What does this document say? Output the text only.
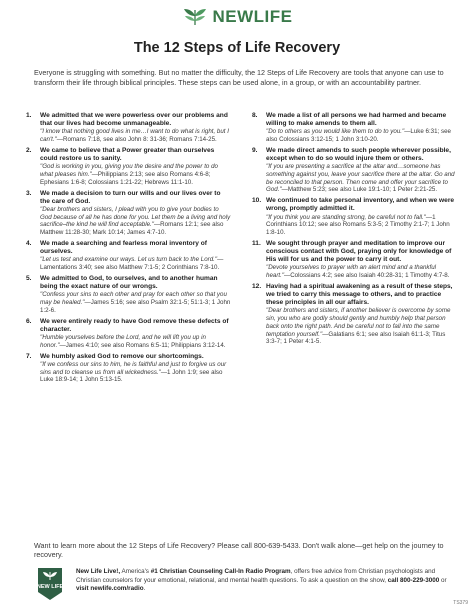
NEWLIFE
The 12 Steps of Life Recovery

Everyone is struggling with something. But no matter the difficulty, the 12 Steps of Life Recovery are tools that anyone can use to transform their life through biblical principles. These steps can be used alone, in a group, or with an accountability partner.

1.	We admitted that we were powerless over our problems and that our lives had become unmanageable.
"I know that nothing good lives in me…I want to do what is right, but I can't."—Romans 7:18, see also John 8: 31-36; Romans 7:14-25.
2.	We came to believe that a Power greater than ourselves could restore us to sanity.
"God is working in you, giving you the desire and the power to do what pleases him."—Philippians 2:13; see also Romans 4:6-8; Ephesians 1:6-8; Colossians 1:21-22; Hebrews 11:1-10.
3.	We made a decision to turn our wills and our lives over to the care of God.
"Dear brothers and sisters, I plead with you to give your bodies to God because of all he has done for you. Let them be a living and holy sacrifice–the kind he will find acceptable."—Romans 12:1; see also Matthew 11:28-30; Mark 10:14; James 4:7-10.
4.	We made a searching and fearless moral inventory of ourselves.
"Let us test and examine our ways. Let us turn back to the Lord."—Lamentations 3:40; see also Matthew 7:1-5; 2 Corinthians 7:8-10.
5.	We admitted to God, to ourselves, and to another human being the exact nature of our wrongs.
"Confess your sins to each other and pray for each other so that you may be healed."—James 5:16; see also Psalm 32:1-5; 51:1-3; 1 John 1:2-6.
6.	We were entirely ready to have God remove these defects of character.
"Humble yourselves before the Lord, and he will lift you up in honor."—James 4:10; see also Romans 6:5-11; Philippians 3:12-14.
7.	We humbly asked God to remove our shortcomings.
"If we confess our sins to him, he is faithful and just to forgive us our sins and to cleanse us from all wickedness."—1 John 1:9; see also Luke 18:9-14; 1 John 5:13-15.
8.	We made a list of all persons we had harmed and became willing to make amends to them all.
"Do to others as you would like them to do to you."—Luke 6:31; see also Colossians 3:12-15; 1 John 3:10-20.
9.	We made direct amends to such people wherever possible, except when to do so would injure them or others.
"If you are presenting a sacrifice at the altar and…someone has something against you, leave your sacrifice there at the altar. Go and be reconciled to that person. Then come and offer your sacrifice to God."—Matthew 5:23; see also Luke 19:1-10; 1 Peter 2:21-25.
10. We continued to take personal inventory, and when we were wrong, promptly admitted it.
"If you think you are standing strong, be careful not to fall."—1 Corinthians 10:12; see also Romans 5:3-5; 2 Timothy 2:1-7; 1 John 1:8-10.
11. We sought through prayer and meditation to improve our conscious contact with God, praying only for knowledge of His will for us and the power to carry it out.
"Devote yourselves to prayer with an alert mind and a thankful heart."—Colossians 4:2; see also Isaiah 40:28-31; 1 Timothy 4:7-8.
12. Having had a spiritual awakening as a result of these steps, we tried to carry this message to others, and to practice these principles in all our affairs.
"Dear brothers and sisters, if another believer is overcome by some sin, you who are godly should gently and humbly help that person back onto the right path. And be careful not to fall into the same temptation yourself."—Galatians 6:1; see also Isaiah 61:1-3; Titus 3:3-7; 1 Peter 4:1-5.

Want to learn more about the 12 Steps of Life Recovery? Please call 800-639-5433. Don't walk alone—get help on the journey to recovery.

NEW LIFE

New Life Live!, America's #1 Christian Counseling Call-In Radio Program, offers free advice from Christian psychologists and Christian counselors for your emotional, relational, and mental health questions. To ask a question on the show, call 800-229-3000 or visit newlife.com/radio.

TS379
